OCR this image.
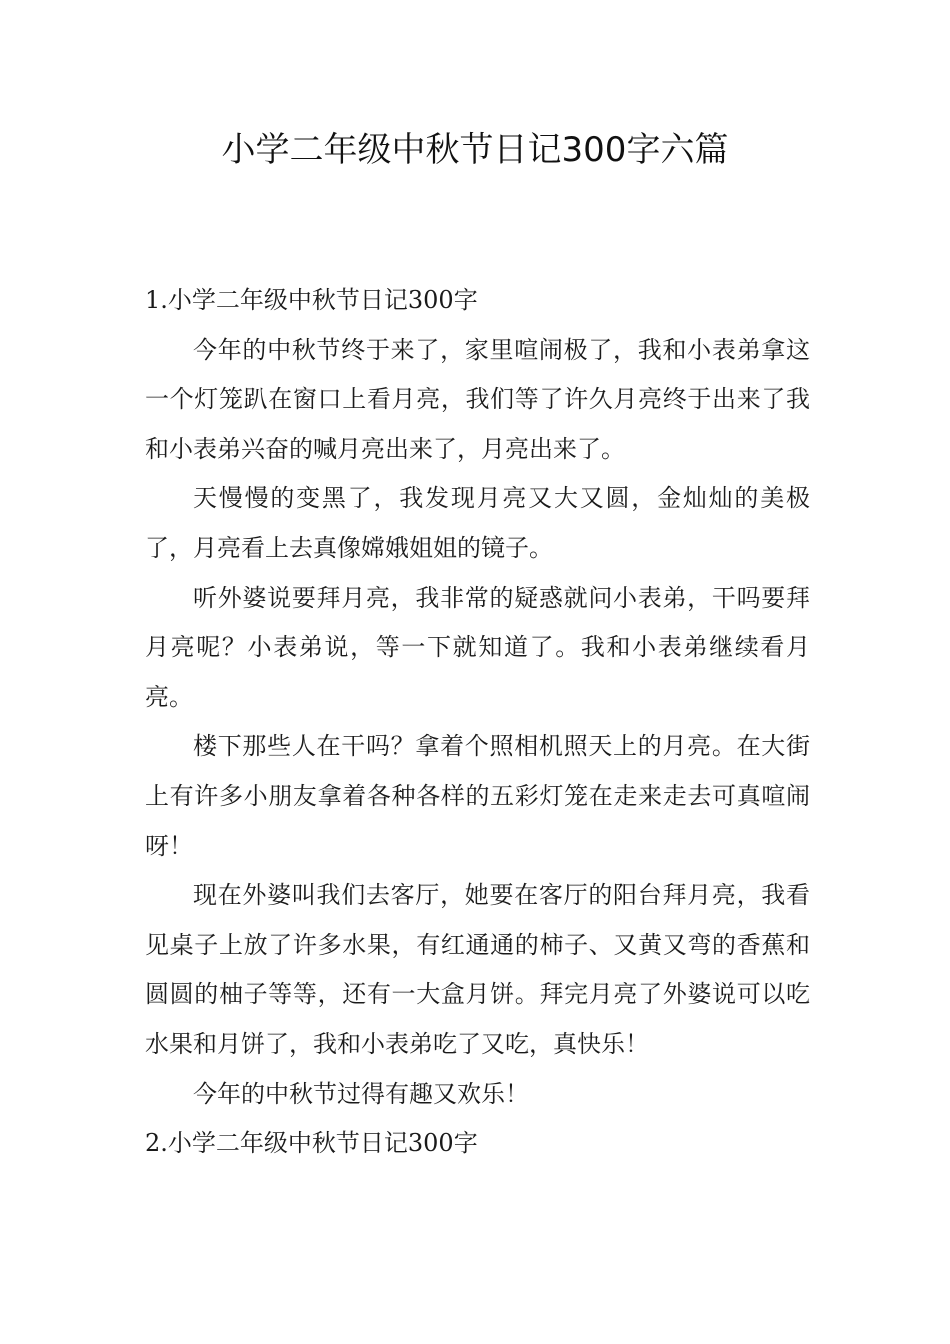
小学二年级中秋节日记300字六篇
1.小学二年级中秋节日记300字

今年的中秋节终于来了，家里喧闹极了，我和小表弟拿这一个灯笼趴在窗口上看月亮，我们等了许久月亮终于出来了我和小表弟兴奋的喊月亮出来了，月亮出来了。

天慢慢的变黑了，我发现月亮又大又圆，金灿灿的美极了，月亮看上去真像嫦娥姐姐的镜子。

听外婆说要拜月亮，我非常的疑惑就问小表弟，干吗要拜月亮呢？小表弟说，等一下就知道了。我和小表弟继续看月亮。

楼下那些人在干吗？拿着个照相机照天上的月亮。在大街上有许多小朋友拿着各种各样的五彩灯笼在走来走去可真喧闹呀！

现在外婆叫我们去客厅，她要在客厅的阳台拜月亮，我看见桌子上放了许多水果，有红通通的柿子、又黄又弯的香蕉和圆圆的柚子等等，还有一大盒月饼。拜完月亮了外婆说可以吃水果和月饼了，我和小表弟吃了又吃，真快乐！

今年的中秋节过得有趣又欢乐！

2.小学二年级中秋节日记300字
